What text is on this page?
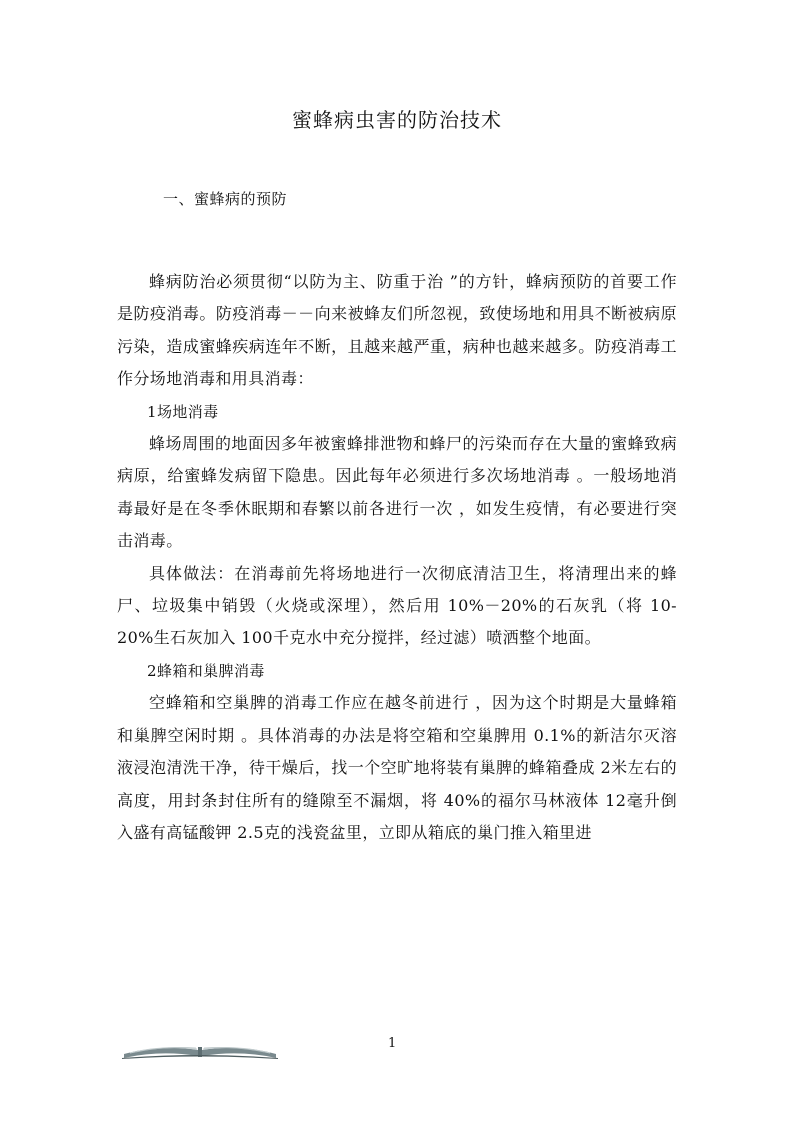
蜜蜂病虫害的防治技术
一、蜜蜂病的预防

蜂病防治必须贯彻“以防为主、防重于治 ”的方针，蜂病预防的首要工作是防疫消毒。防疫消毒－－向来被蜂友们所忽视，致使场地和用具不断被病原污染，造成蜜蜂疾病连年不断，且越来越严重，病种也越来越多。防疫消毒工作分场地消毒和用具消毒：

1场地消毒

蜂场周围的地面因多年被蜜蜂排泄物和蜂尸的污染而存在大量的蜜蜂致病病原，给蜜蜂发病留下隐患。因此每年必须进行多次场地消毒 。一般场地消毒最好是在冬季休眠期和春繁以前各进行一次 ，如发生疫情，有必要进行突击消毒。

具体做法：在消毒前先将场地进行一次彻底清洁卫生，将清理出来的蜂尸、垃圾集中销毁（火烧或深埋），然后用 10%－20%的石灰乳（将 10-20%生石灰加入 100千克水中充分搅拌，经过滤）喷洒整个地面。

2蜂箱和巢脾消毒

空蜂箱和空巢脾的消毒工作应在越冬前进行 ，因为这个时期是大量蜂箱和巢脾空闲时期 。具体消毒的办法是将空箱和空巢脾用 0.1%的新洁尔灭溶液浸泡清洗干净，待干燥后，找一个空旷地将装有巢脾的蜂箱叠成 2米左右的高度，用封条封住所有的缝隙至不漏烟，将 40%的福尔马林液体 12毫升倒入盛有高锰酸钾 2.5克的浅瓷盆里，立即从箱底的巢门推入箱里进

1
